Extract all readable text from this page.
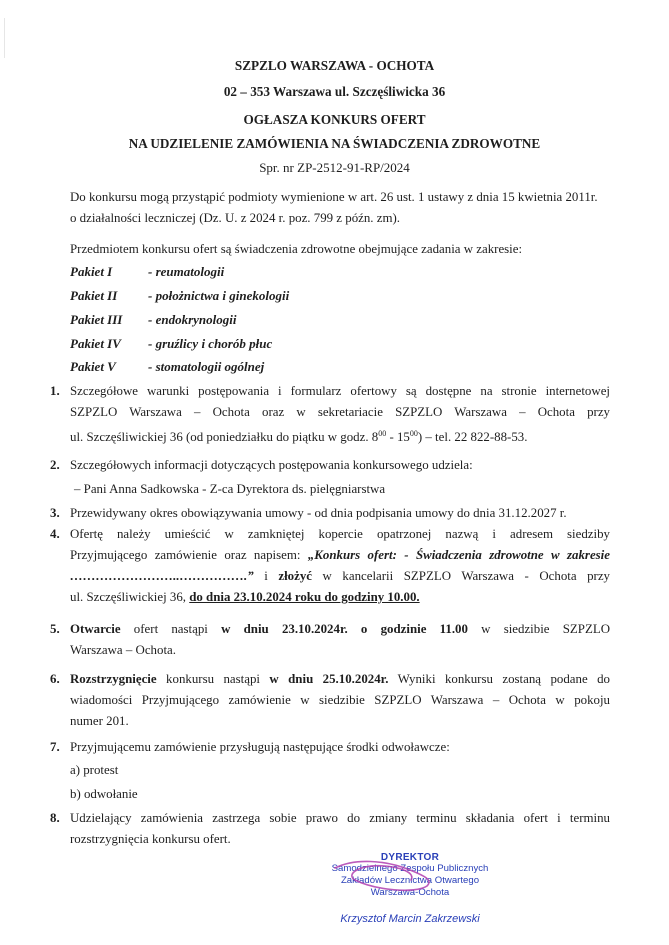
SZPZLO WARSZAWA - OCHOTA
02 – 353 Warszawa ul. Szczęśliwicka 36
OGŁASZA KONKURS OFERT
NA UDZIELENIE ZAMÓWIENIA NA ŚWIADCZENIA ZDROWOTNE
Spr. nr ZP-2512-91-RP/2024
Do konkursu mogą przystąpić podmioty wymienione w art. 26 ust. 1 ustawy z dnia 15 kwietnia 2011r.
o działalności leczniczej (Dz. U. z 2024 r. poz. 799 z późn. zm).
Przedmiotem konkursu ofert są świadczenia zdrowotne obejmujące zadania w zakresie:
Pakiet I	- reumatologii
Pakiet II - położnictwa i ginekologii
Pakiet III - endokrynologii
Pakiet IV - gruźlicy i chorób płuc
Pakiet V - stomatologii ogólnej
1. Szczegółowe warunki postępowania i formularz ofertowy są dostępne na stronie internetowej
SZPZLO Warszawa – Ochota oraz w sekretariacie SZPZLO Warszawa – Ochota przy
ul. Szczęśliwickiej 36 (od poniedziałku do piątku w godz. $8^{00} - 15^{00}$) – tel. 22 822-88-53.
2. Szczegółowych informacji dotyczących postępowania konkursowego udziela:
– Pani Anna Sadkowska - Z-ca Dyrektora ds. pielęgniarstwa
3. Przewidywany okres obowiązywania umowy - od dnia podpisania umowy do dnia 31.12.2027 r.
4. Ofertę należy umieścić w zamkniętej kopercie opatrzonej nazwą i adresem siedziby
Przyjmującego zamówienie oraz napisem: „Konkurs ofert: - Świadczenia zdrowotne w zakresie
……………………..…………….” i złożyć w kancelarii SZPZLO Warszawa - Ochota przy
ul. Szczęśliwickiej 36, do dnia 23.10.2024 roku do godziny 10.00.
5. Otwarcie ofert nastąpi w dniu 23.10.2024r. o godzinie 11.00 w siedzibie SZPZLO
Warszawa – Ochota.
6. Rozstrzygnięcie konkursu nastąpi w dniu 25.10.2024r. Wyniki konkursu zostaną podane do
wiadomości Przyjmującego zamówienie w siedzibie SZPZLO Warszawa – Ochota w pokoju
numer 201.
7. Przyjmującemu zamówienie przysługują następujące środki odwoławcze:
a) protest
b) odwołanie
8. Udzielający zamówienia zastrzega sobie prawo do zmiany terminu składania ofert i terminu
rozstrzygnięcia konkursu ofert.
DYREKTOR
Samodzielnego Zespołu Publicznych
Zakładów Lecznictwa Otwartego
Warszawa-Ochota
Krzysztof Marcin Zakrzewski
